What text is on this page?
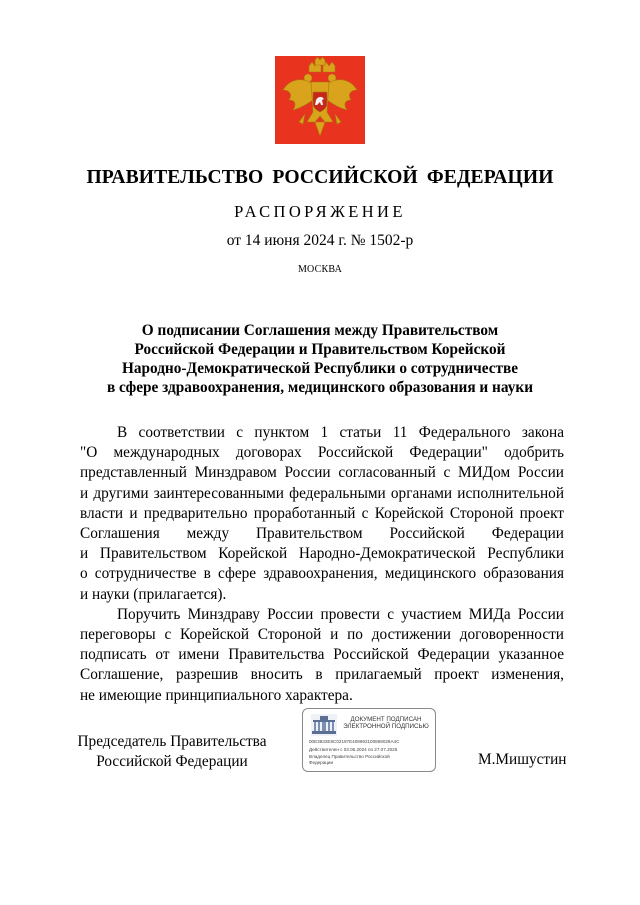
ПРАВИТЕЛЬСТВО РОССИЙСКОЙ ФЕДЕРАЦИИ
РАСПОРЯЖЕНИЕ
от 14 июня 2024 г. № 1502-р
МОСКВА
О подписании Соглашения между Правительством
Российской Федерации и Правительством Корейской
Народно-Демократической Республики о сотрудничестве
в сфере здравоохранения, медицинского образования и науки
В соответствии с пунктом 1 статьи 11 Федерального закона
"О международных договорах Российской Федерации" одобрить
представленный Минздравом России согласованный с МИДом России
и другими заинтересованными федеральными органами исполнительной
власти и предварительно проработанный с Корейской Стороной проект
Соглашения между Правительством Российской Федерации
и Правительством Корейской Народно-Демократической Республики
о сотрудничестве в сфере здравоохранения, медицинского образования
и науки (прилагается).
Поручить Минздраву России провести с участием МИДа России
переговоры с Корейской Стороной и по достижении договоренности
подписать от имени Правительства Российской Федерации указанное
Соглашение, разрешив вносить в прилагаемый проект изменения,
не имеющие принципиального характера.
Председатель Правительства
Российской Федерации
ДОКУМЕНТ ПОДПИСАН
ЭЛЕКТРОННОЙ ПОДПИСЬЮ
00E3832E8C02197E408692100869028A4C
Действителен с 03.05.2024 по 27.07.2025
Владелец Правительство Российской
Федерации	М.Мишустин
